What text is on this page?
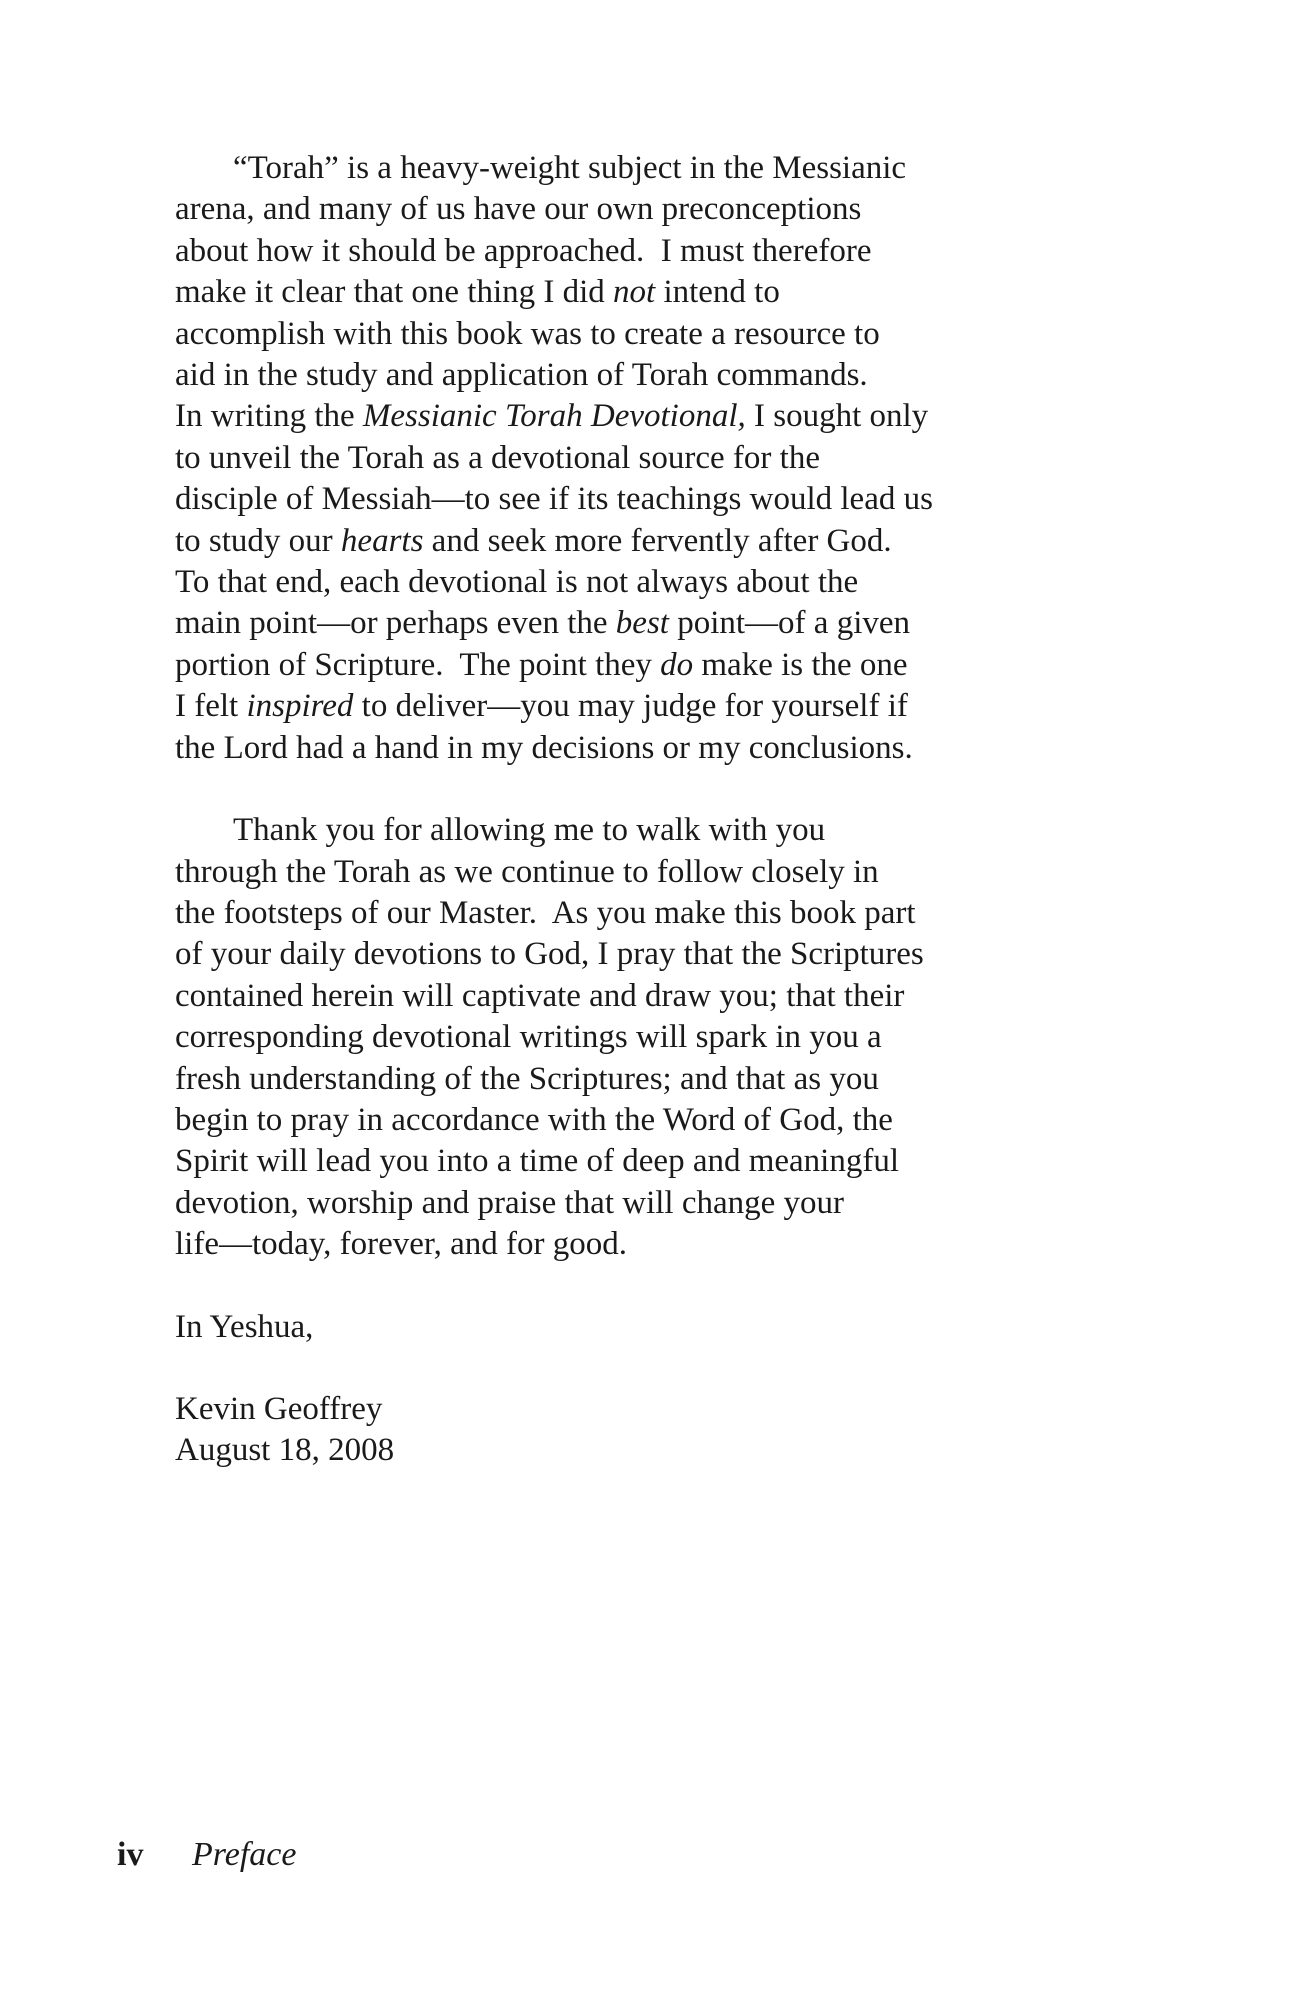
“Torah” is a heavy-weight subject in the Messianic
arena, and many of us have our own preconceptions
about how it should be approached.  I must therefore
make it clear that one thing I did not intend to
accomplish with this book was to create a resource to
aid in the study and application of Torah commands.
In writing the Messianic Torah Devotional, I sought only
to unveil the Torah as a devotional source for the
disciple of Messiah—to see if its teachings would lead us
to study our hearts and seek more fervently after God.
To that end, each devotional is not always about the
main point—or perhaps even the best point—of a given
portion of Scripture.  The point they do make is the one
I felt inspired to deliver—you may judge for yourself if
the Lord had a hand in my decisions or my conclusions.
Thank you for allowing me to walk with you
through the Torah as we continue to follow closely in
the footsteps of our Master.  As you make this book part
of your daily devotions to God, I pray that the Scriptures
contained herein will captivate and draw you; that their
corresponding devotional writings will spark in you a
fresh understanding of the Scriptures; and that as you
begin to pray in accordance with the Word of God, the
Spirit will lead you into a time of deep and meaningful
devotion, worship and praise that will change your
life—today, forever, and for good.
In Yeshua,
Kevin Geoffrey
August 18, 2008
iv Preface
